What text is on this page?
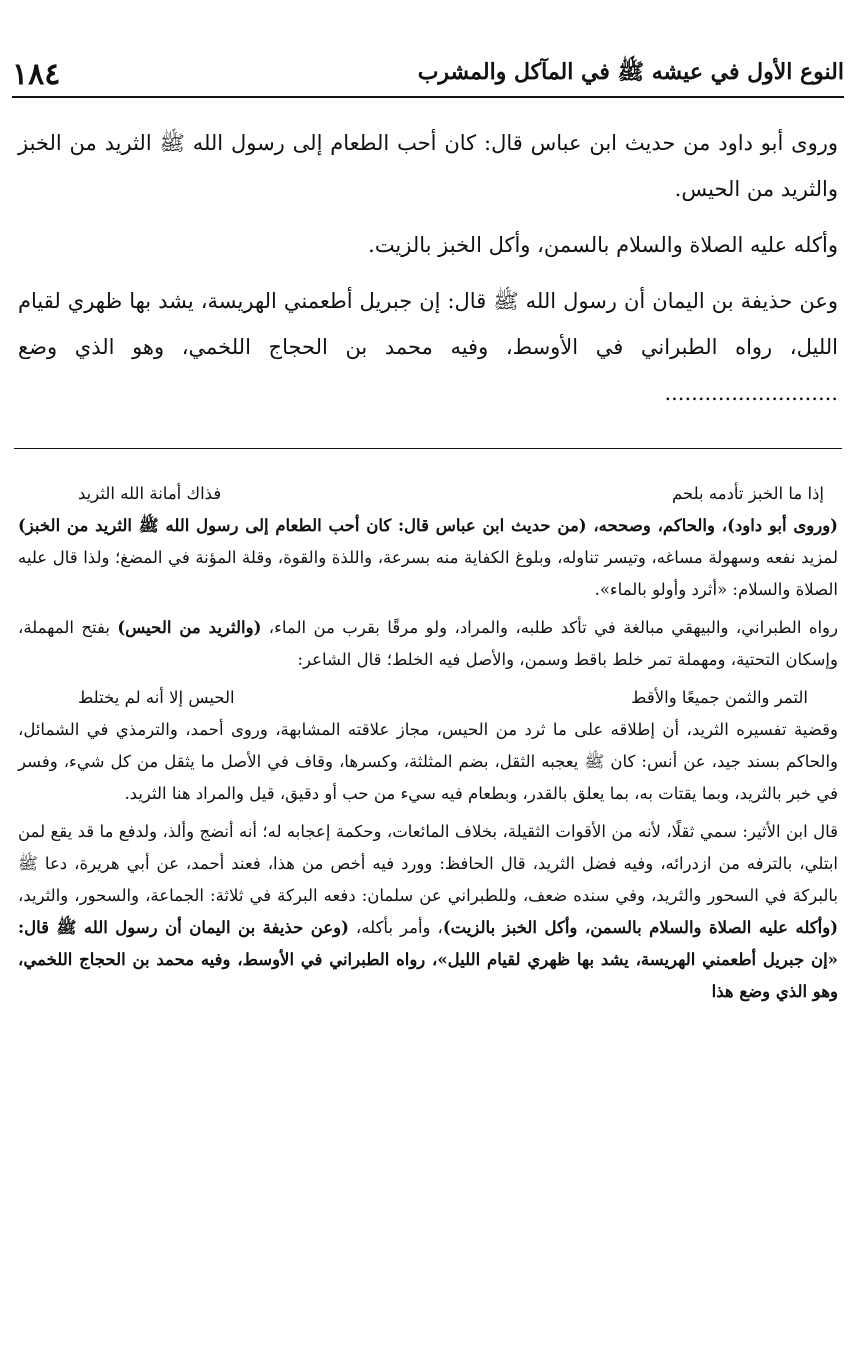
النوع الأول في عيشه ﷺ في المآكل والمشرب
١٨٤

وروى أبو داود من حديث ابن عباس قال: كان أحب الطعام إلى رسول الله ﷺ الثريد من الخبز والثريد من الحيس.

وأكله عليه الصلاة والسلام بالسمن، وأكل الخبز بالزيت.

وعن حذيفة بن اليمان أن رسول الله ﷺ قال: إن جبريل أطعمني الهريسة، يشد بها ظهري لقيام الليل، رواه الطبراني في الأوسط، وفيه محمد بن الحجاج اللخمي، وهو الذي وضع ..........................

إذا ما الخبز تأدمه بلحم
فذاك أمانة الله الثريد

(وروى أبو داود)، والحاكم، وصححه، (من حديث ابن عباس قال: كان أحب الطعام إلى رسول الله ﷺ الثريد من الخبز) لمزيد نفعه وسهولة مساغه، وتيسر تناوله، وبلوغ الكفاية منه بسرعة، واللذة والقوة، وقلة المؤنة في المضغ؛ ولذا قال عليه الصلاة والسلام: «أثرد وأولو بالماء».

رواه الطبراني، والبيهقي مبالغة في تأكد طلبه، والمراد، ولو مرقًا بقرب من الماء، (والثريد من الحيس) بفتح المهملة، وإسكان التحتية، ومهملة تمر خلط باقط وسمن، والأصل فيه الخلط؛ قال الشاعر:

التمر والثمن جميعًا والأقط
الحيس إلا أنه لم يختلط

وقضية تفسيره الثريد، أن إطلاقه على ما ثرد من الحيس، مجاز علاقته المشابهة، وروى أحمد، والترمذي في الشمائل، والحاكم بسند جيد، عن أنس: كان ﷺ يعجبه الثقل، بضم المثلثة، وكسرها، وقاف في الأصل ما يثقل من كل شيء، وفسر في خبر بالثريد، وبما يقتات به، بما يعلق بالقدر، وبطعام فيه سيء من حب أو دقيق، قيل والمراد هنا الثريد.

قال ابن الأثير: سمي ثقلًا، لأنه من الأقوات الثقيلة، بخلاف المائعات، وحكمة إعجابه له؛ أنه أنضج وألذ، ولدفع ما قد يقع لمن ابتلي، بالترفه من ازدرائه، وفيه فضل الثريد، قال الحافظ: وورد فيه أخص من هذا، فعند أحمد، عن أبي هريرة، دعا ﷺ بالبركة في السحور والثريد، وفي سنده ضعف، وللطبراني عن سلمان: دفعه البركة في ثلاثة: الجماعة، والسحور، والثريد، (وأكله عليه الصلاة والسلام بالسمن، وأكل الخبز بالزيت)، وأمر بأكله، (وعن حذيفة بن اليمان أن رسول الله ﷺ قال: «إن جبريل أطعمني الهريسة، يشد بها ظهري لقيام الليل»، رواه الطبراني في الأوسط، وفيه محمد بن الحجاج اللخمي، وهو الذي وضع هذا
